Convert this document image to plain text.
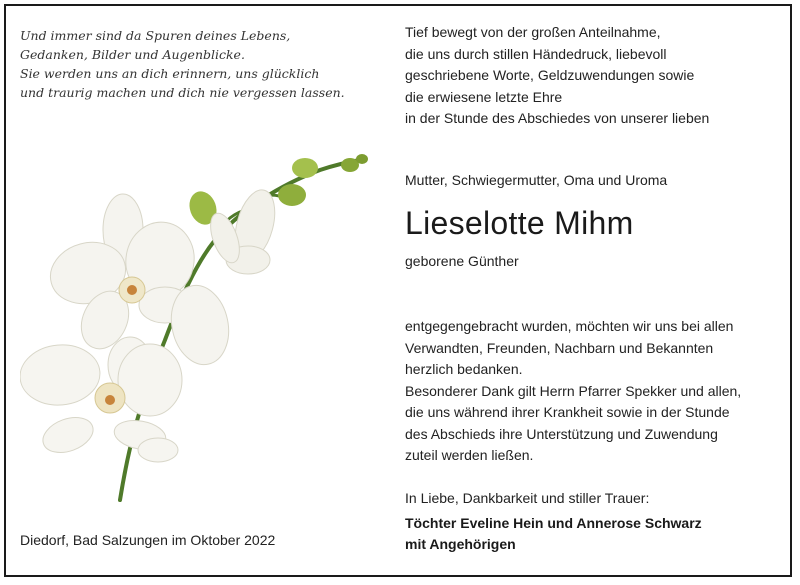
Und immer sind da Spuren deines Lebens,
Gedanken, Bilder und Augenblicke.
Sie werden uns an dich erinnern, uns glücklich
und traurig machen und dich nie vergessen lassen.
Diedorf, Bad Salzungen im Oktober 2022
Tief bewegt von der großen Anteilnahme,
die uns durch stillen Händedruck, liebevoll
geschriebene Worte, Geldzuwendungen sowie
die erwiesene letzte Ehre
in der Stunde des Abschiedes von unserer lieben
Mutter, Schwiegermutter, Oma und Uroma
Lieselotte Mihm
geborene Günther
entgegengebracht wurden, möchten wir uns bei allen
Verwandten, Freunden, Nachbarn und Bekannten
herzlich bedanken.
Besonderer Dank gilt Herrn Pfarrer Spekker und allen,
die uns während ihrer Krankheit sowie in der Stunde
des Abschieds ihre Unterstützung und Zuwendung
zuteil werden ließen.
In Liebe, Dankbarkeit und stiller Trauer:
Töchter Eveline Hein und Annerose Schwarz
mit Angehörigen
